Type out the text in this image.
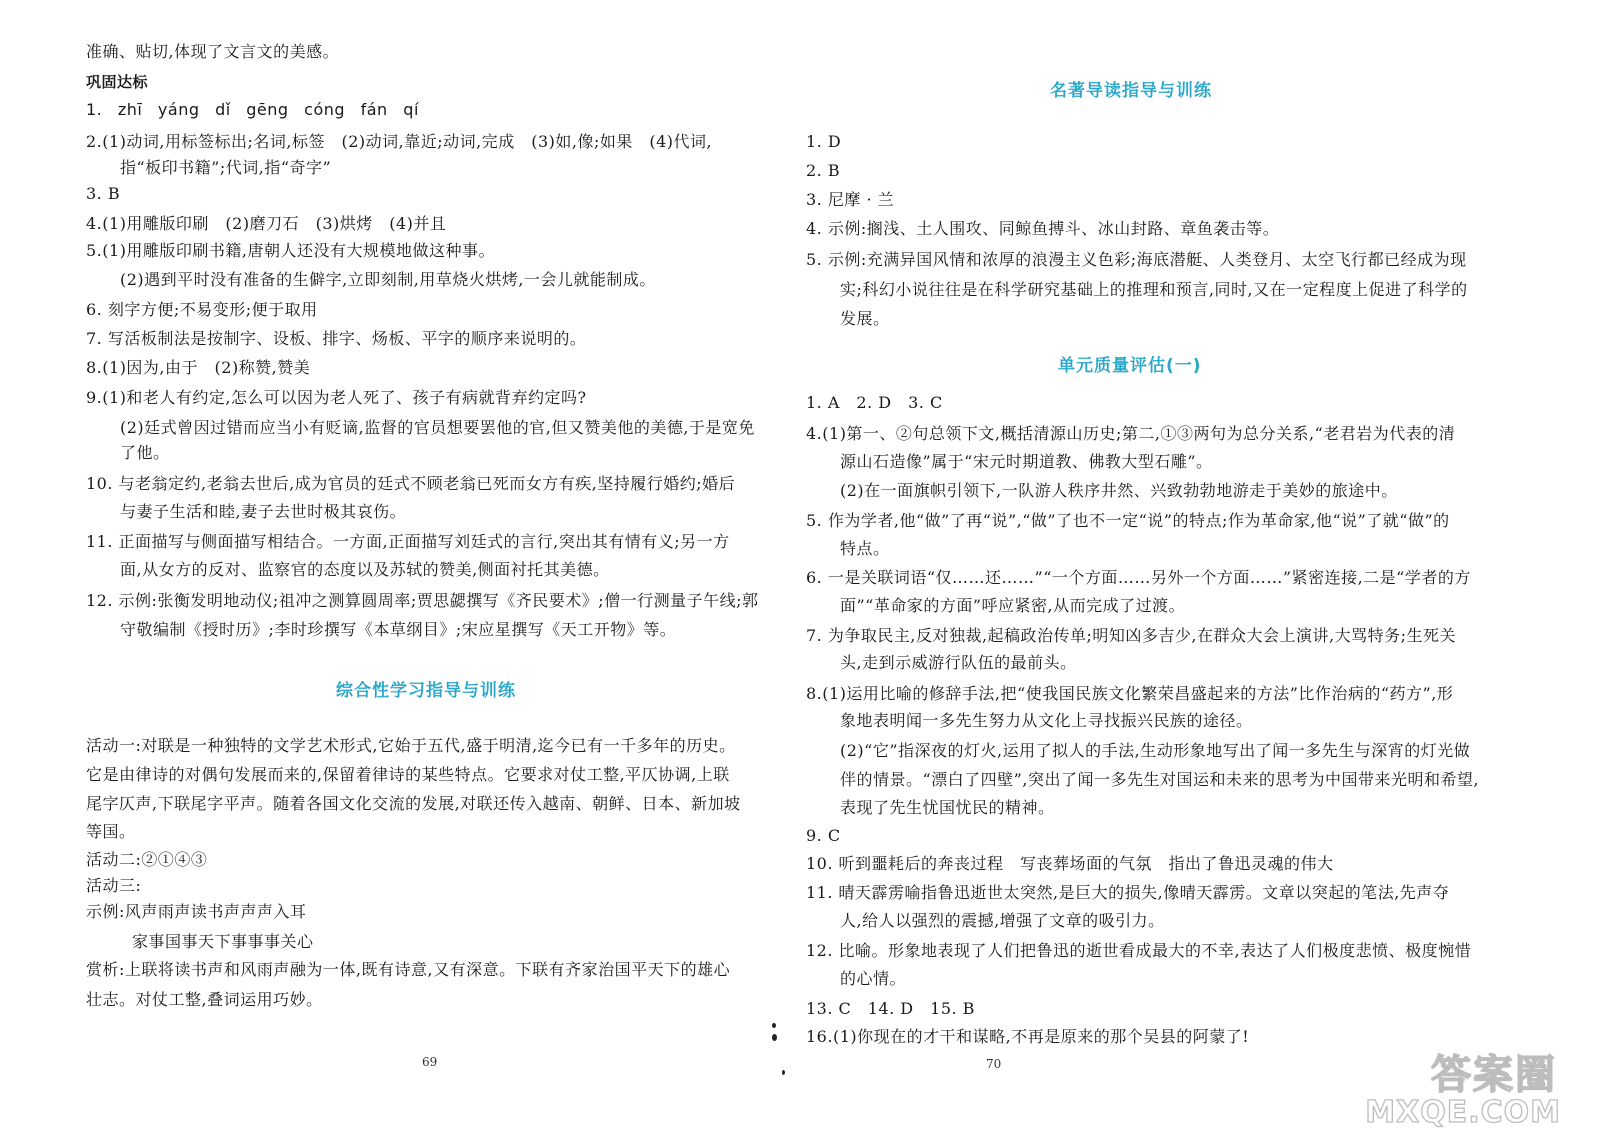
准确、贴切,体现了文言文的美感。
巩固达标
1. zhī yáng dǐ gēng cóng fán qí
2.(1)动词,用标签标出;名词,标签　(2)动词,靠近;动词,完成　(3)如,像;如果　(4)代词,
指“板印书籍”;代词,指“奇字”
3. B
4.(1)用雕版印刷　(2)磨刀石　(3)烘烤　(4)并且
5.(1)用雕版印刷书籍,唐朝人还没有大规模地做这种事。
(2)遇到平时没有准备的生僻字,立即刻制,用草烧火烘烤,一会儿就能制成。
6. 刻字方便;不易变形;便于取用
7. 写活板制法是按制字、设板、排字、炀板、平字的顺序来说明的。
8.(1)因为,由于　(2)称赞,赞美
9.(1)和老人有约定,怎么可以因为老人死了、孩子有病就背弃约定吗?
(2)廷式曾因过错而应当小有贬谪,监督的官员想要罢他的官,但又赞美他的美德,于是宽免
了他。
10. 与老翁定约,老翁去世后,成为官员的廷式不顾老翁已死而女方有疾,坚持履行婚约;婚后
与妻子生活和睦,妻子去世时极其哀伤。
11. 正面描写与侧面描写相结合。一方面,正面描写刘廷式的言行,突出其有情有义;另一方
面,从女方的反对、监察官的态度以及苏轼的赞美,侧面衬托其美德。
12. 示例:张衡发明地动仪;祖冲之测算圆周率;贾思勰撰写《齐民要术》;僧一行测量子午线;郭
守敬编制《授时历》;李时珍撰写《本草纲目》;宋应星撰写《天工开物》等。
综合性学习指导与训练
活动一:对联是一种独特的文学艺术形式,它始于五代,盛于明清,迄今已有一千多年的历史。
它是由律诗的对偶句发展而来的,保留着律诗的某些特点。它要求对仗工整,平仄协调,上联
尾字仄声,下联尾字平声。随着各国文化交流的发展,对联还传入越南、朝鲜、日本、新加坡
等国。
活动二:②①④③
活动三:
示例:风声雨声读书声声声入耳
家事国事天下事事事关心
赏析:上联将读书声和风雨声融为一体,既有诗意,又有深意。下联有齐家治国平天下的雄心
壮志。对仗工整,叠词运用巧妙。
69
名著导读指导与训练
1. D
2. B
3. 尼摩 · 兰
4. 示例:搁浅、土人围攻、同鲸鱼搏斗、冰山封路、章鱼袭击等。
5. 示例:充满异国风情和浓厚的浪漫主义色彩;海底潜艇、人类登月、太空飞行都已经成为现
实;科幻小说往往是在科学研究基础上的推理和预言,同时,又在一定程度上促进了科学的
发展。
单元质量评估(一)
1. A　2. D　3. C
4.(1)第一、②句总领下文,概括清源山历史;第二,①③两句为总分关系,“老君岩为代表的清
源山石造像”属于“宋元时期道教、佛教大型石雕”。
(2)在一面旗帜引领下,一队游人秩序井然、兴致勃勃地游走于美妙的旅途中。
5. 作为学者,他“做”了再“说”,“做”了也不一定“说”的特点;作为革命家,他“说”了就“做”的
特点。
6. 一是关联词语“仅……还……”“一个方面……另外一个方面……”紧密连接,二是“学者的方
面”“革命家的方面”呼应紧密,从而完成了过渡。
7. 为争取民主,反对独裁,起稿政治传单;明知凶多吉少,在群众大会上演讲,大骂特务;生死关
头,走到示威游行队伍的最前头。
8.(1)运用比喻的修辞手法,把“使我国民族文化繁荣昌盛起来的方法”比作治病的“药方”,形
象地表明闻一多先生努力从文化上寻找振兴民族的途径。
(2)“它”指深夜的灯火,运用了拟人的手法,生动形象地写出了闻一多先生与深宵的灯光做
伴的情景。“漂白了四壁”,突出了闻一多先生对国运和未来的思考为中国带来光明和希望,
表现了先生忧国忧民的精神。
9. C
10. 听到噩耗后的奔丧过程　写丧葬场面的气氛　指出了鲁迅灵魂的伟大
11. 晴天霹雳喻指鲁迅逝世太突然,是巨大的损失,像晴天霹雳。文章以突起的笔法,先声夺
人,给人以强烈的震撼,增强了文章的吸引力。
12. 比喻。形象地表现了人们把鲁迅的逝世看成最大的不幸,表达了人们极度悲愤、极度惋惜
的心情。
13. C　14. D　15. B
16.(1)你现在的才干和谋略,不再是原来的那个吴县的阿蒙了!
70	答案圈
MXQE.COM
